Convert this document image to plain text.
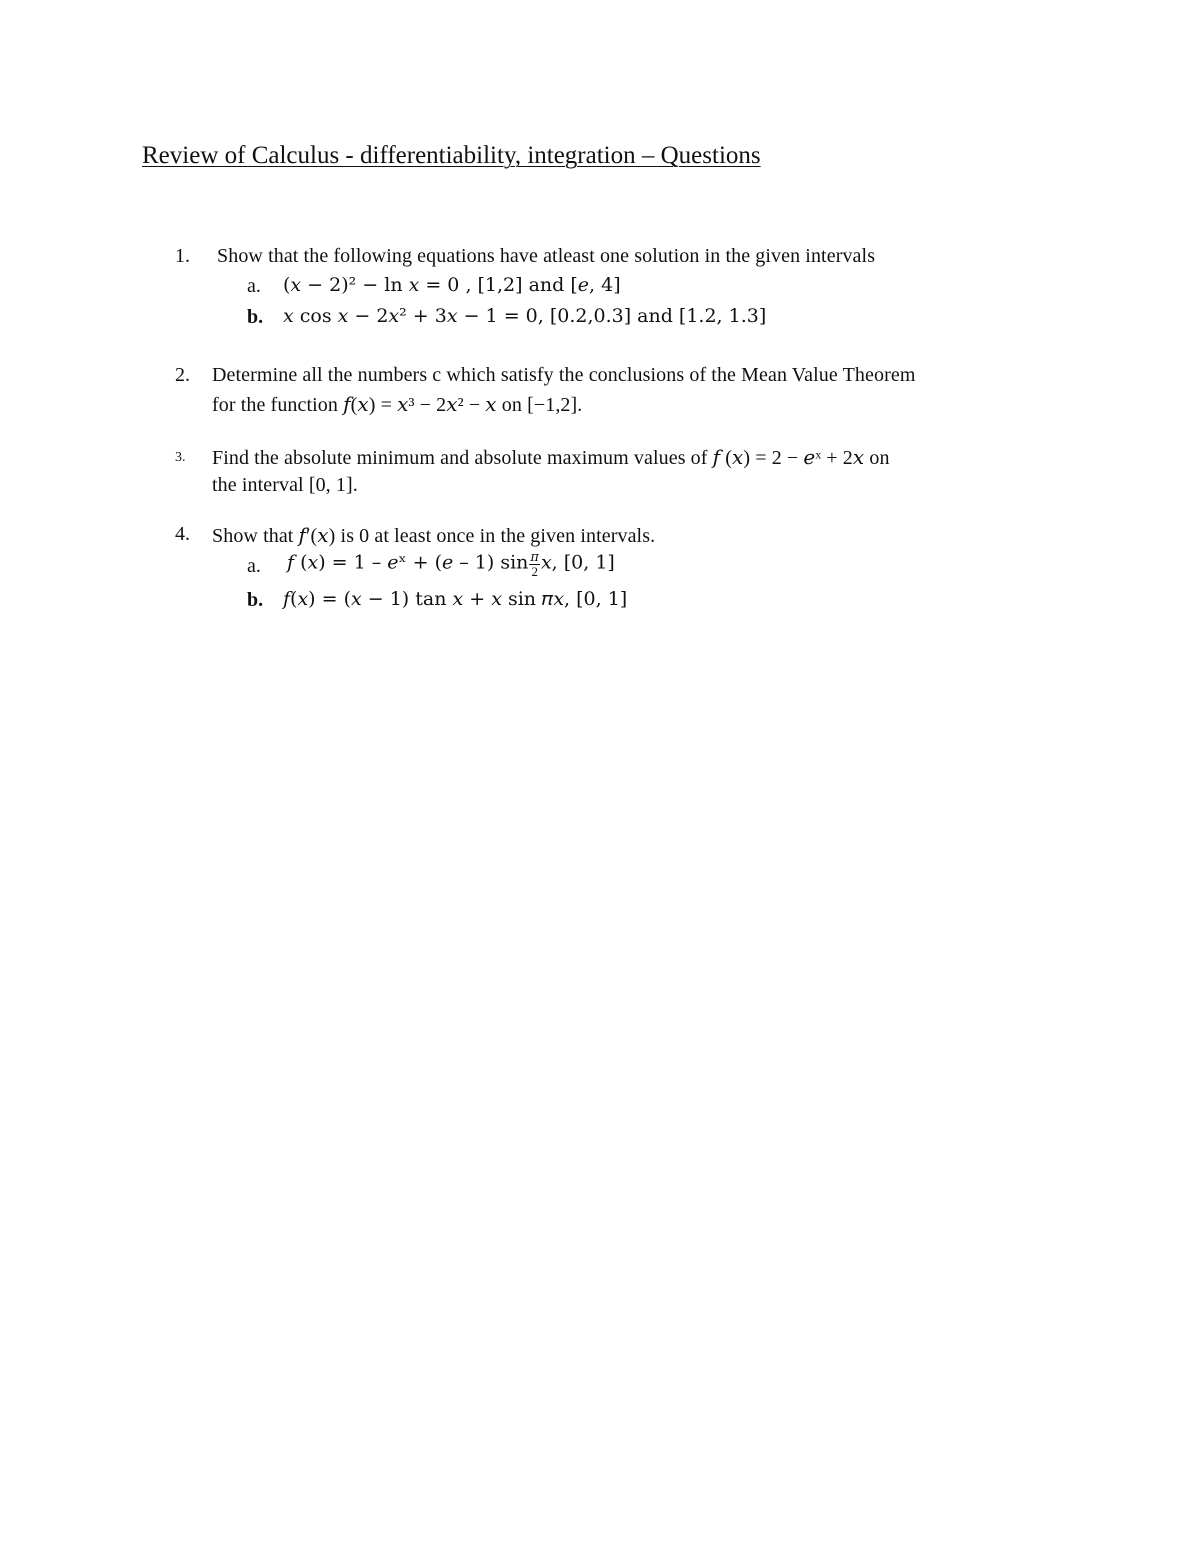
Review of Calculus - differentiability, integration – Questions
1. Show that the following equations have atleast one solution in the given intervals
a. (𝑥 − 2)² − ln 𝑥 = 0 , [1,2] and [𝑒, 4]
b. 𝑥 cos 𝑥 − 2𝑥² + 3𝑥 − 1 = 0, [0.2,0.3] and [1.2, 1.3]
2. Determine all the numbers c which satisfy the conclusions of the Mean Value Theorem
for the function 𝑓(𝑥) = 𝑥³ − 2𝑥² − 𝑥 on [−1,2].
3. Find the absolute minimum and absolute maximum values of 𝑓 (𝑥) = 2 − 𝑒ˣ + 2𝑥 on
the interval [0, 1].
4. Show that 𝑓′(𝑥) is 0 at least once in the given intervals.
a. 𝑓 (𝑥) = 1 – 𝑒ˣ + (𝑒 – 1) $\sin \frac{\text{𝜋}}{2}$ 𝑥, [0, 1]
b. 𝑓(𝑥) = (𝑥 − 1) tan 𝑥 + 𝑥 sin 𝜋𝑥, [0, 1]
